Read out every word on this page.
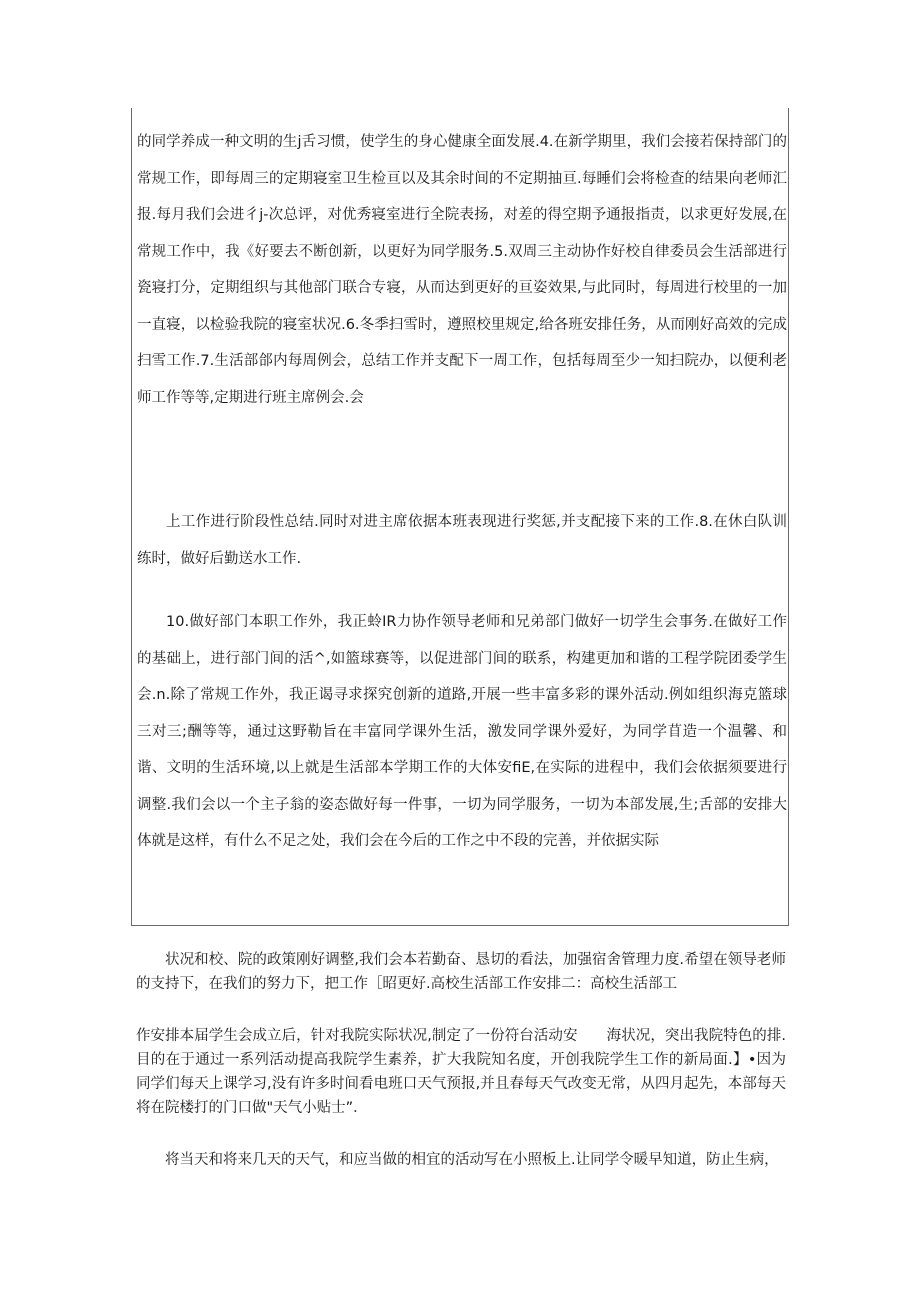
的同学养成一种文明的生j舌习惯，使学生的身心健康全面发展.4.在新学期里，我们会接若保持部门的常规工作，即每周三的定期寝室卫生检亘以及其余时间的不定期抽亘.每睡们会将检查的结果向老师汇报.每月我们会进彳j-次总评，对优秀寝室进行全院表扬，对差的得空期予通报指责，以求更好发展,在常规工作中，我《好要去不断创新，以更好为同学服务.5.双周三主动协作好校自律委员会生活部进行瓷寝打分，定期组织与其他部门联合专寝，从而达到更好的亘姿效果,与此同时，每周进行校里的一加一直寝，以检验我院的寝室状况.6.冬季扫雪时，遵照校里规定,给各班安排任务，从而刚好高效的完成扫雪工作.7.生活部郃内每周例会，总结工作并支配下一周工作，包括每周至少一知扫院办，以便利老师工作等等,定期进行班主席例会.会

上工作进行阶段性总结.同时对进主席依据本班表现进行奖惩,并支配接下来的工作.8.在休白队训练时，做好后勤送水工作.

10.做好部门本职工作外，我正蛉IR力协作领导老师和兄弟部门做好一切学生会事务.在做好工作的基础上，进行部门间的活^,如篮球赛等，以促进部门间的联系，构建更加和谐的工程学院团委学生会.n.除了常规工作外，我正谒寻求探究创新的道路,开展一些丰富多彩的课外活动.例如组织海克篮球三对三;酬等等，通过这野勒旨在丰富同学课外生活，激发同学课外爱好，为同学苜造一个温馨、和谐、文明的生活环境,以上就是生活部本学期工作的大体安fiE,在实际的进程中，我们会依据须要进行调整.我们会以一个主子翁的姿态做好每一件事，一切为同学服务，一切为本部发展,生;舌部的安排大体就是这样，有什么不足之处，我们会在今后的工作之中不段的完善，并依据实际

状况和校、院的政策刚好调整,我们会本若勤奋、恳切的看法，加强宿舍管理力度.希望在领导老师的支持下，在我们的努力下，把工作［昭更好.高校生活部工作安排二：高校生活部工

作安排本届学生会成立后，针对我院实际状况,制定了一份符台活动安　　海状况，突出我院特色的排.目的在于通过一系列活动提高我院学生素养，扩大我院知名度，开创我院学生工作的新局面.】•因为同学们每天上课学习,没有许多时间看电班口天气预报,并且春每天气改变无常，从四月起先，本部每天将在院楼打的门口做"天气小贴士”．

将当天和将来几天的天气，和应当做的相宜的活动写在小照板上.让同学令暖早知道，防止生病，
